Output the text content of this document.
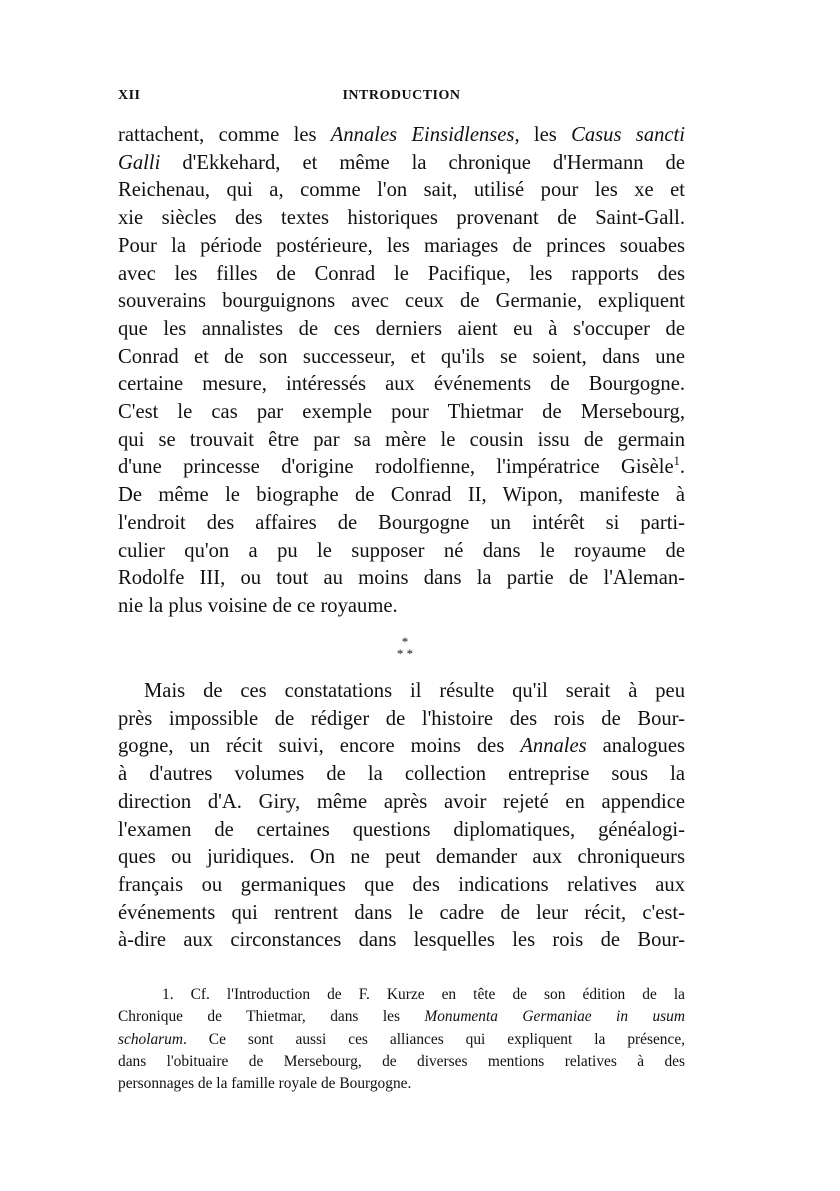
XII	INTRODUCTION
rattachent, comme les Annales Einsidlenses, les Casus sancti
Galli d'Ekkehard, et même la chronique d'Hermann de
Reichenau, qui a, comme l'on sait, utilisé pour les xe et
xie siècles des textes historiques provenant de Saint-Gall.
Pour la période postérieure, les mariages de princes souabes
avec les filles de Conrad le Pacifique, les rapports des
souverains bourguignons avec ceux de Germanie, expliquent
que les annalistes de ces derniers aient eu à s'occuper de
Conrad et de son successeur, et qu'ils se soient, dans une
certaine mesure, intéressés aux événements de Bourgogne.
C'est le cas par exemple pour Thietmar de Mersebourg,
qui se trouvait être par sa mère le cousin issu de germain
d'une princesse d'origine rodolfienne, l'impératrice Gisèle$^1$.
De même le biographe de Conrad II, Wipon, manifeste à
l'endroit des affaires de Bourgogne un intérêt si parti-
culier qu'on a pu le supposer né dans le royaume de
Rodolfe III, ou tout au moins dans la partie de l'Aleman-
nie la plus voisine de ce royaume.
*
* *
Mais de ces constatations il résulte qu'il serait à peu
près impossible de rédiger de l'histoire des rois de Bour-
gogne, un récit suivi, encore moins des Annales analogues
à d'autres volumes de la collection entreprise sous la
direction d'A. Giry, même après avoir rejeté en appendice
l'examen de certaines questions diplomatiques, généalogi-
ques ou juridiques. On ne peut demander aux chroniqueurs
français ou germaniques que des indications relatives aux
événements qui rentrent dans le cadre de leur récit, c'est-
à-dire aux circonstances dans lesquelles les rois de Bour-
1. Cf. l'Introduction de F. Kurze en tête de son édition de la
Chronique de Thietmar, dans les Monumenta Germaniae in usum
scholarum. Ce sont aussi ces alliances qui expliquent la présence,
dans l'obituaire de Mersebourg, de diverses mentions relatives à des
personnages de la famille royale de Bourgogne.
